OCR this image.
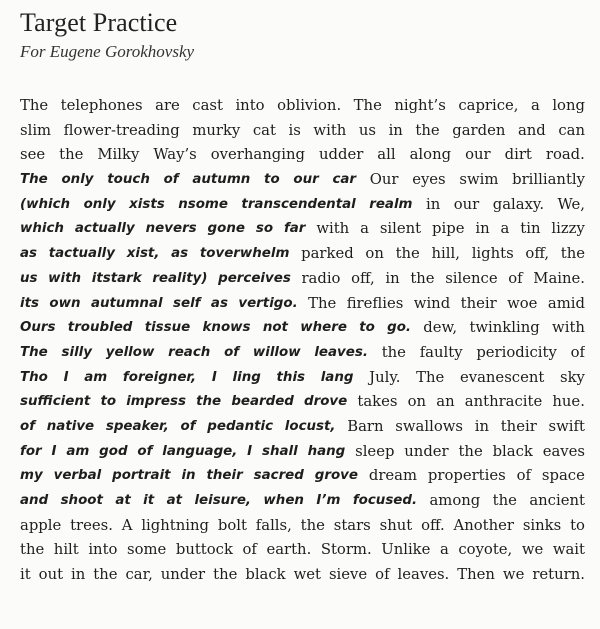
Target Practice
For Eugene Gorokhovsky
The telephones are cast into oblivion. The night’s caprice, a long
slim flower-treading murky cat is with us in the garden and can
see the Milky Way’s overhanging udder all along our dirt road.
The only touch of autumn to our car Our eyes swim brilliantly
(which only xists nsome transcendental realm in our galaxy. We,
which actually nevers gone so far with a silent pipe in a tin lizzy
as tactually xist, as toverwhelm parked on the hill, lights off, the
us with itstark reality) perceives radio off, in the silence of Maine.
its own autumnal self as vertigo. The fireflies wind their woe amid
Ours troubled tissue knows not where to go. dew, twinkling with
The silly yellow reach of willow leaves. the faulty periodicity of
Tho I am foreigner, I ling this lang July. The evanescent sky
sufficient to impress the bearded drove takes on an anthracite hue.
of native speaker, of pedantic locust, Barn swallows in their swift
for I am god of language, I shall hang sleep under the black eaves
my verbal portrait in their sacred grove dream properties of space
and shoot at it at leisure, when I’m focused. among the ancient
apple trees. A lightning bolt falls, the stars shut off. Another sinks to
the hilt into some buttock of earth. Storm. Unlike a coyote, we wait
it out in the car, under the black wet sieve of leaves. Then we return.
